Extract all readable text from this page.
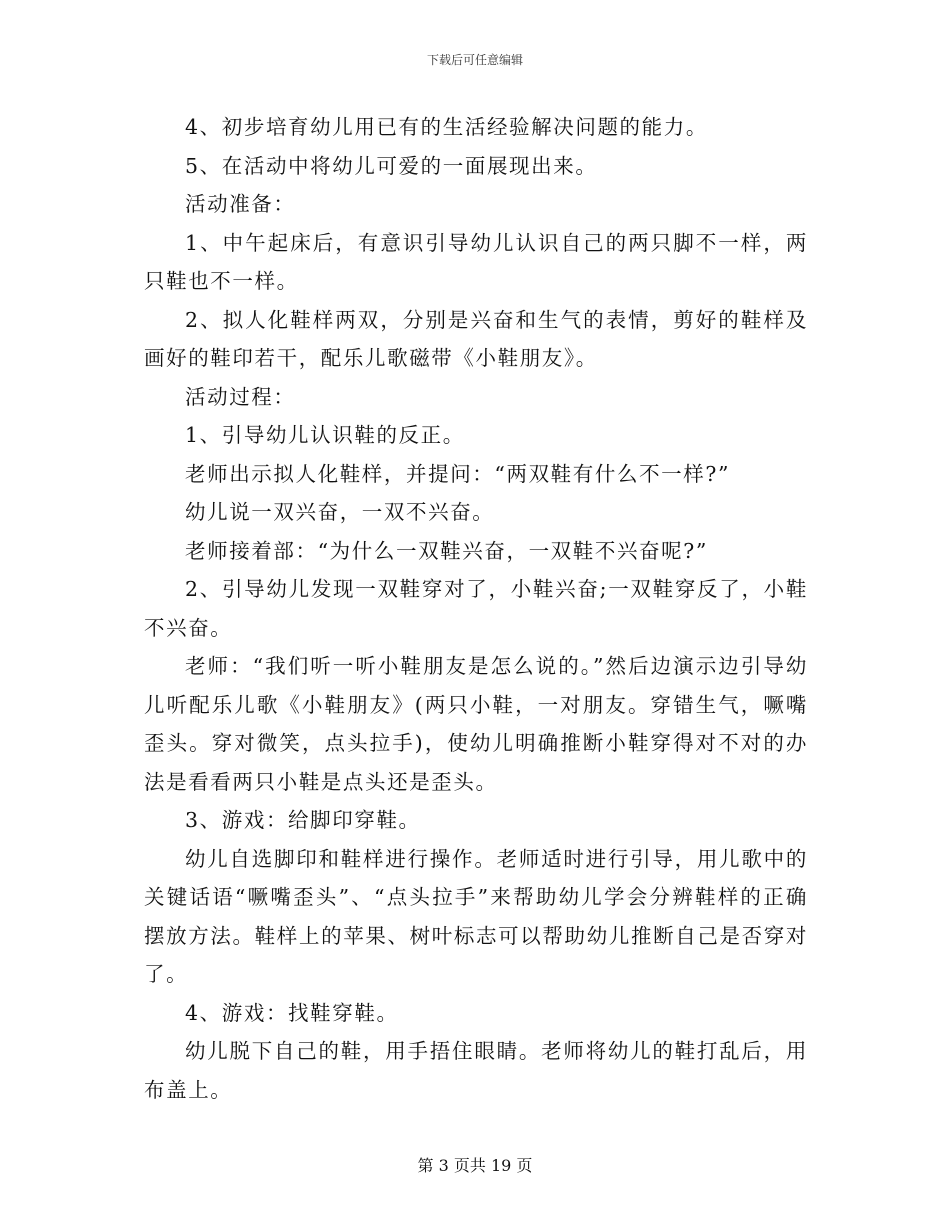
下载后可任意编辑

4、初步培育幼儿用已有的生活经验解决问题的能力。

5、在活动中将幼儿可爱的一面展现出来。

活动准备：

1、中午起床后，有意识引导幼儿认识自己的两只脚不一样，两只鞋也不一样。

2、拟人化鞋样两双，分别是兴奋和生气的表情，剪好的鞋样及画好的鞋印若干，配乐儿歌磁带《小鞋朋友》。

活动过程：

1、引导幼儿认识鞋的反正。

老师出示拟人化鞋样，并提问：“两双鞋有什么不一样?”

幼儿说一双兴奋，一双不兴奋。

老师接着部：“为什么一双鞋兴奋，一双鞋不兴奋呢?”

2、引导幼儿发现一双鞋穿对了，小鞋兴奋;一双鞋穿反了，小鞋不兴奋。

老师：“我们听一听小鞋朋友是怎么说的。”然后边演示边引导幼儿听配乐儿歌《小鞋朋友》(两只小鞋，一对朋友。穿错生气，噘嘴歪头。穿对微笑，点头拉手)，使幼儿明确推断小鞋穿得对不对的办法是看看两只小鞋是点头还是歪头。

3、游戏：给脚印穿鞋。

幼儿自选脚印和鞋样进行操作。老师适时进行引导，用儿歌中的关键话语“噘嘴歪头”、“点头拉手”来帮助幼儿学会分辨鞋样的正确摆放方法。鞋样上的苹果、树叶标志可以帮助幼儿推断自己是否穿对了。

4、游戏：找鞋穿鞋。

幼儿脱下自己的鞋，用手捂住眼睛。老师将幼儿的鞋打乱后，用布盖上。

第 3 页共 19 页
